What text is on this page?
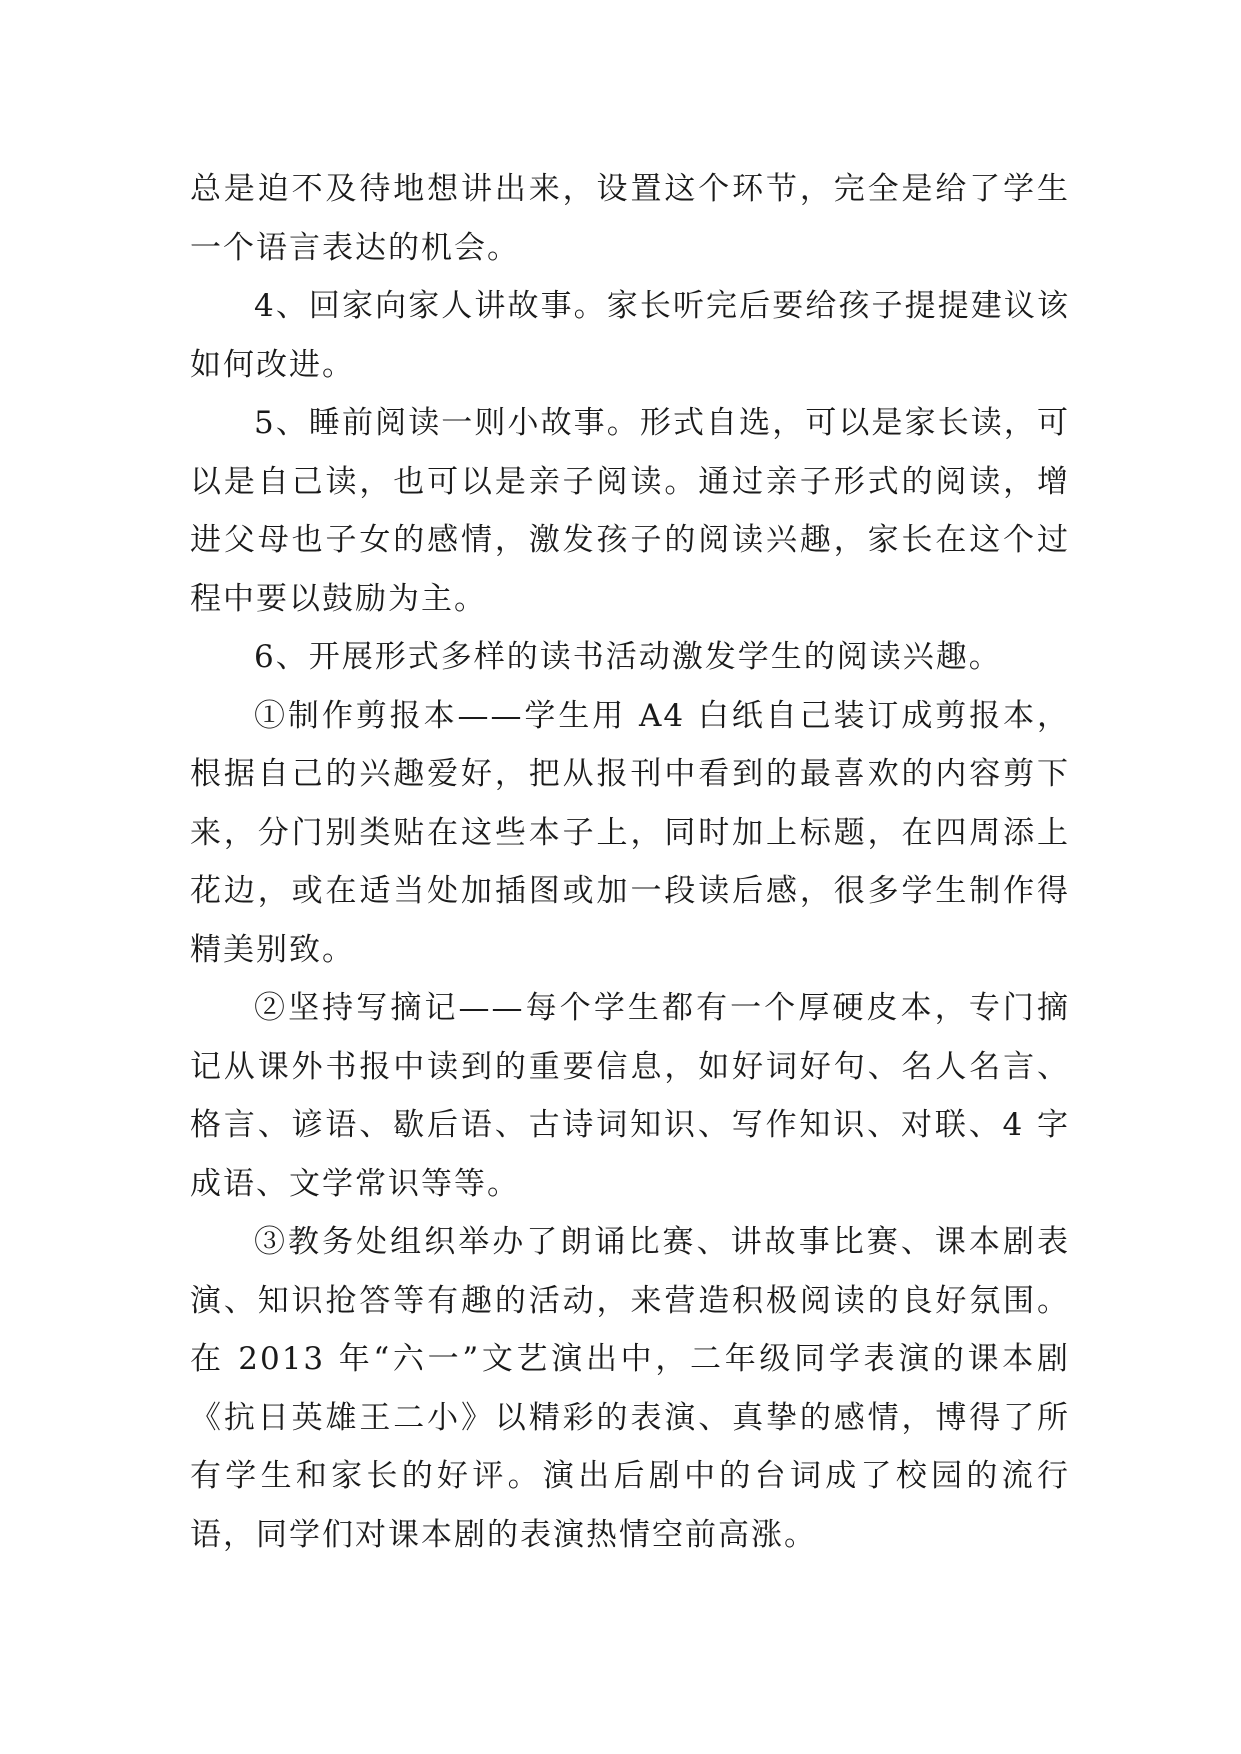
总是迫不及待地想讲出来，设置这个环节，完全是给了学生一个语言表达的机会。

4、回家向家人讲故事。家长听完后要给孩子提提建议该如何改进。

5、睡前阅读一则小故事。形式自选，可以是家长读，可以是自己读，也可以是亲子阅读。通过亲子形式的阅读，增进父母也子女的感情，激发孩子的阅读兴趣，家长在这个过程中要以鼓励为主。

6、开展形式多样的读书活动激发学生的阅读兴趣。

①制作剪报本——学生用 A4 白纸自己装订成剪报本，根据自己的兴趣爱好，把从报刊中看到的最喜欢的内容剪下来，分门别类贴在这些本子上，同时加上标题，在四周添上花边，或在适当处加插图或加一段读后感，很多学生制作得精美别致。

②坚持写摘记——每个学生都有一个厚硬皮本，专门摘记从课外书报中读到的重要信息，如好词好句、名人名言、格言、谚语、歇后语、古诗词知识、写作知识、对联、4 字成语、文学常识等等。

③教务处组织举办了朗诵比赛、讲故事比赛、课本剧表演、知识抢答等有趣的活动，来营造积极阅读的良好氛围。在 2013 年“六一”文艺演出中，二年级同学表演的课本剧《抗日英雄王二小》以精彩的表演、真挚的感情，博得了所有学生和家长的好评。演出后剧中的台词成了校园的流行语，同学们对课本剧的表演热情空前高涨。
